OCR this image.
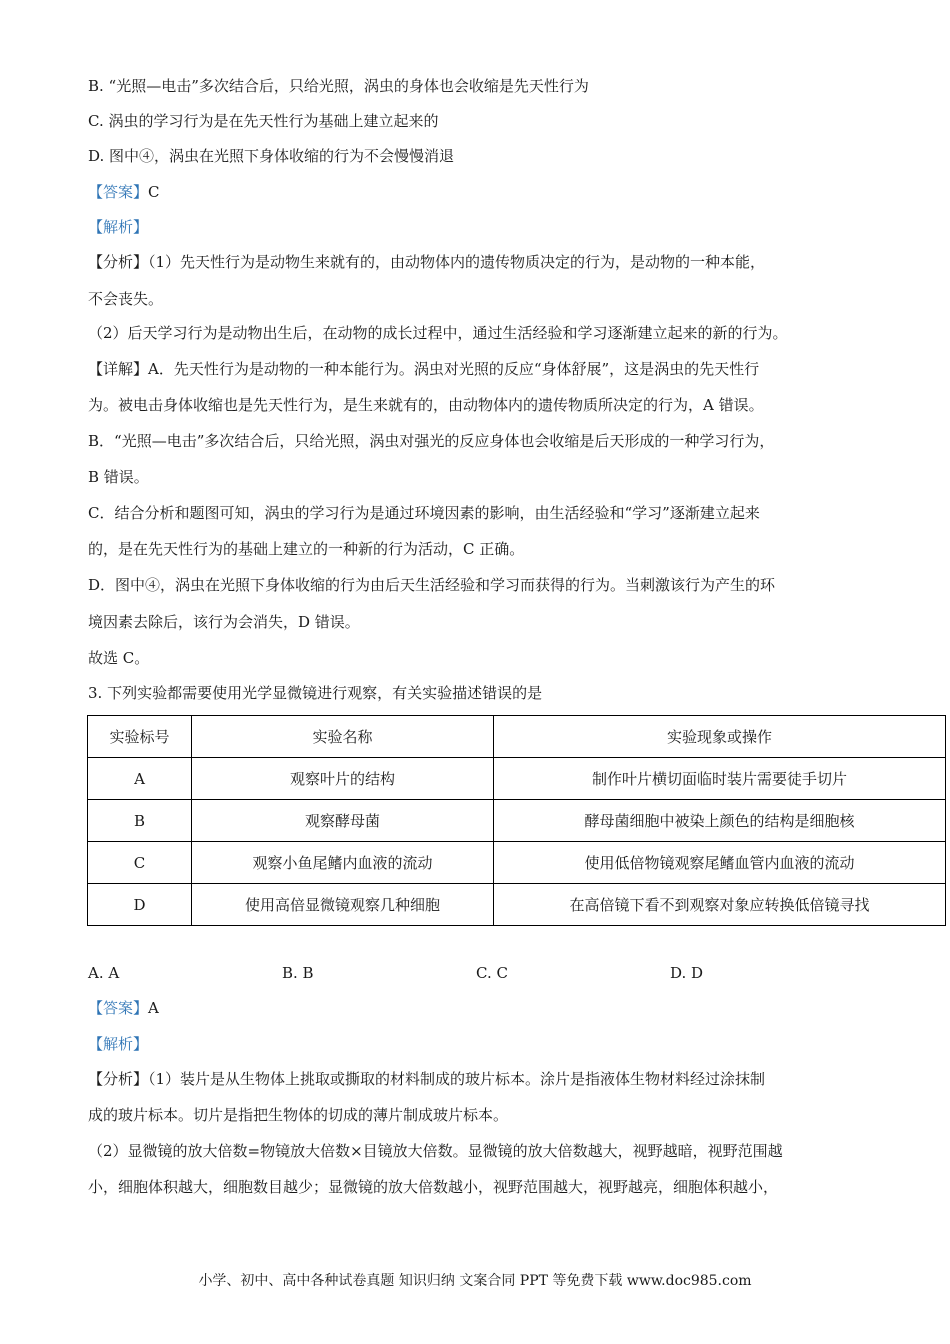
B. “光照—电击”多次结合后，只给光照，涡虫的身体也会收缩是先天性行为
C. 涡虫的学习行为是在先天性行为基础上建立起来的
D. 图中④，涡虫在光照下身体收缩的行为不会慢慢消退
【答案】C
【解析】
【分析】（1）先天性行为是动物生来就有的，由动物体内的遗传物质决定的行为，是动物的一种本能，
不会丧失。
（2）后天学习行为是动物出生后，在动物的成长过程中，通过生活经验和学习逐渐建立起来的新的行为。
【详解】A．先天性行为是动物的一种本能行为。涡虫对光照的反应“身体舒展”，这是涡虫的先天性行
为。被电击身体收缩也是先天性行为，是生来就有的，由动物体内的遗传物质所决定的行为，A 错误。
B．“光照—电击”多次结合后，只给光照，涡虫对强光的反应身体也会收缩是后天形成的一种学习行为，
B 错误。
C．结合分析和题图可知，涡虫的学习行为是通过环境因素的影响，由生活经验和“学习”逐渐建立起来
的，是在先天性行为的基础上建立的一种新的行为活动，C 正确。
D．图中④，涡虫在光照下身体收缩的行为由后天生活经验和学习而获得的行为。当刺激该行为产生的环
境因素去除后，该行为会消失，D 错误。
故选 C。
3. 下列实验都需要使用光学显微镜进行观察，有关实验描述错误的是
实验标号	实验名称	实验现象或操作
A	观察叶片的结构	制作叶片横切面临时装片需要徒手切片
B	观察酵母菌	酵母菌细胞中被染上颜色的结构是细胞核
C	观察小鱼尾鳍内血液的流动	使用低倍物镜观察尾鳍血管内血液的流动
D	使用高倍显微镜观察几种细胞	在高倍镜下看不到观察对象应转换低倍镜寻找
A. A	B. B	C. C	D. D
【答案】A
【解析】
【分析】（1）装片是从生物体上挑取或撕取的材料制成的玻片标本。涂片是指液体生物材料经过涂抹制
成的玻片标本。切片是指把生物体的切成的薄片制成玻片标本。
（2）显微镜的放大倍数=物镜放大倍数×目镜放大倍数。显微镜的放大倍数越大，视野越暗，视野范围越
小，细胞体积越大，细胞数目越少；显微镜的放大倍数越小，视野范围越大，视野越亮，细胞体积越小，
小学、初中、高中各种试卷真题 知识归纳 文案合同 PPT 等免费下载 www.doc985.com
